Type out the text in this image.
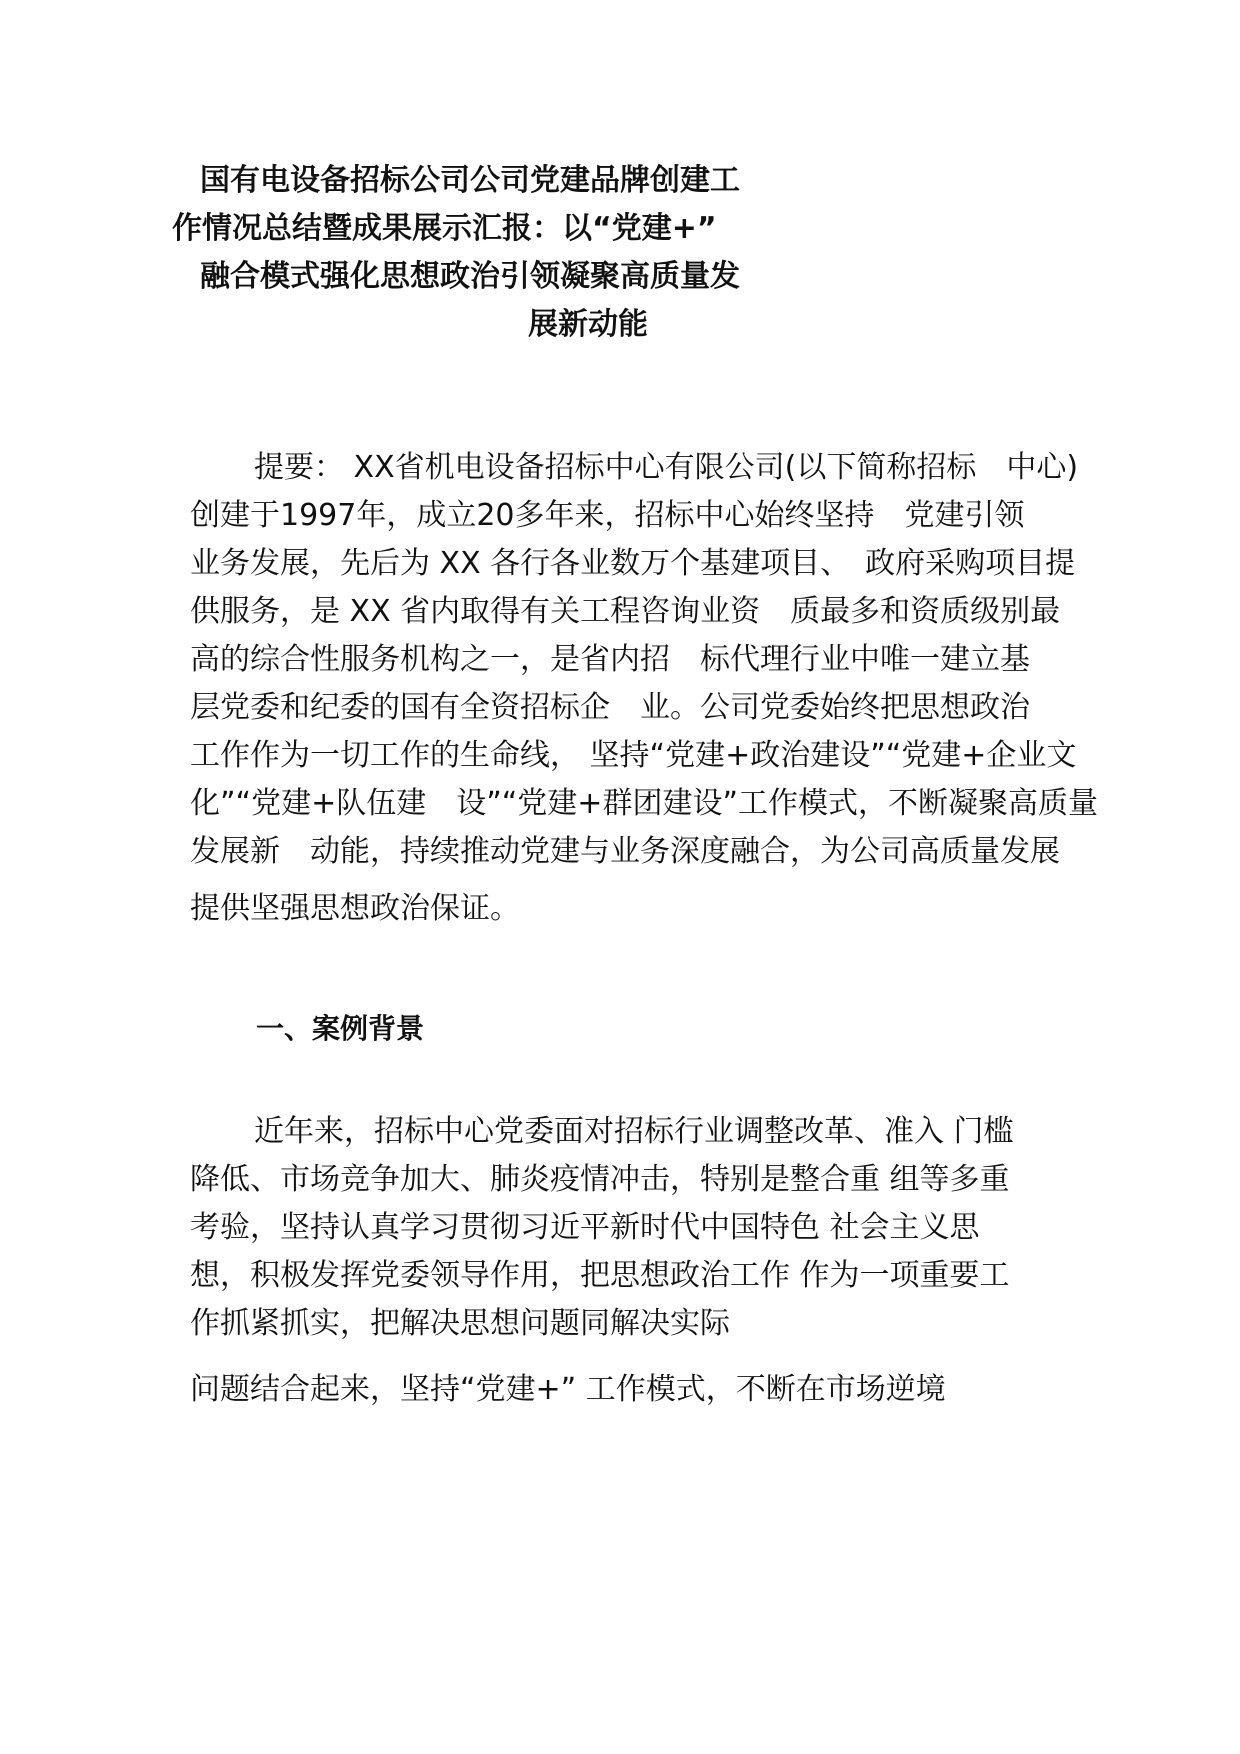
国有电设备招标公司公司党建品牌创建工
作情况总结暨成果展示汇报：以“党建+”
融合模式强化思想政治引领凝聚高质量发
展新动能
提要： XX省机电设备招标中心有限公司(以下简称招标　中心)
创建于1997年，成立20多年来，招标中心始终坚持　党建引领
业务发展，先后为 XX 各行各业数万个基建项目、　政府采购项目提
供服务，是 XX 省内取得有关工程咨询业资　质最多和资质级别最
高的综合性服务机构之一，是省内招　标代理行业中唯一建立基
层党委和纪委的国有全资招标企　业。公司党委始终把思想政治
工作作为一切工作的生命线， 坚持“党建+政治建设”“党建+企业文
化”“党建+队伍建　设”“党建+群团建设”工作模式，不断凝聚高质量
发展新　动能，持续推动党建与业务深度融合，为公司高质量发展
提供坚强思想政治保证。
一、案例背景
近年来，招标中心党委面对招标行业调整改革、准入 门槛
降低、市场竞争加大、肺炎疫情冲击，特别是整合重 组等多重
考验，坚持认真学习贯彻习近平新时代中国特色 社会主义思
想，积极发挥党委领导作用，把思想政治工作 作为一项重要工
作抓紧抓实，把解决思想问题同解决实际
问题结合起来，坚持“党建+” 工作模式，不断在市场逆境
